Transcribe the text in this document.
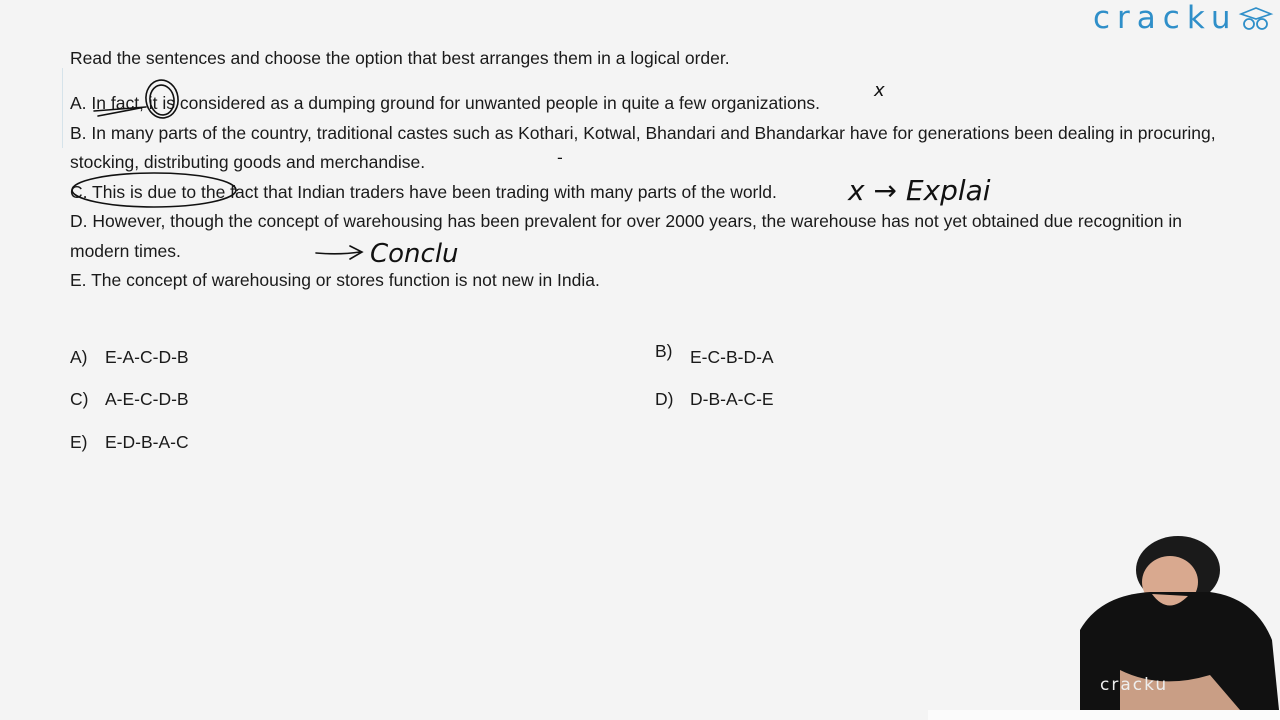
cracku
Read the sentences and choose the option that best arranges them in a logical order.
A. In fact, it is considered as a dumping ground for unwanted people in quite a few organizations.
B. In many parts of the country, traditional castes such as Kothari, Kotwal, Bhandari and Bhandarkar have for generations been dealing in procuring, stocking, distributing goods and merchandise.
C. This is due to the fact that Indian traders have been trading with many parts of the world.
D. However, though the concept of warehousing has been prevalent for over 2000 years, the warehouse has not yet obtained due recognition in modern times.
E. The concept of warehousing or stores function is not new in India.
A) E-A-C-D-B	B) E-C-B-D-A
C) A-E-C-D-B	D) D-B-A-C-E
E) E-D-B-A-C
x
-
x → Explai
Conclu
cracku
